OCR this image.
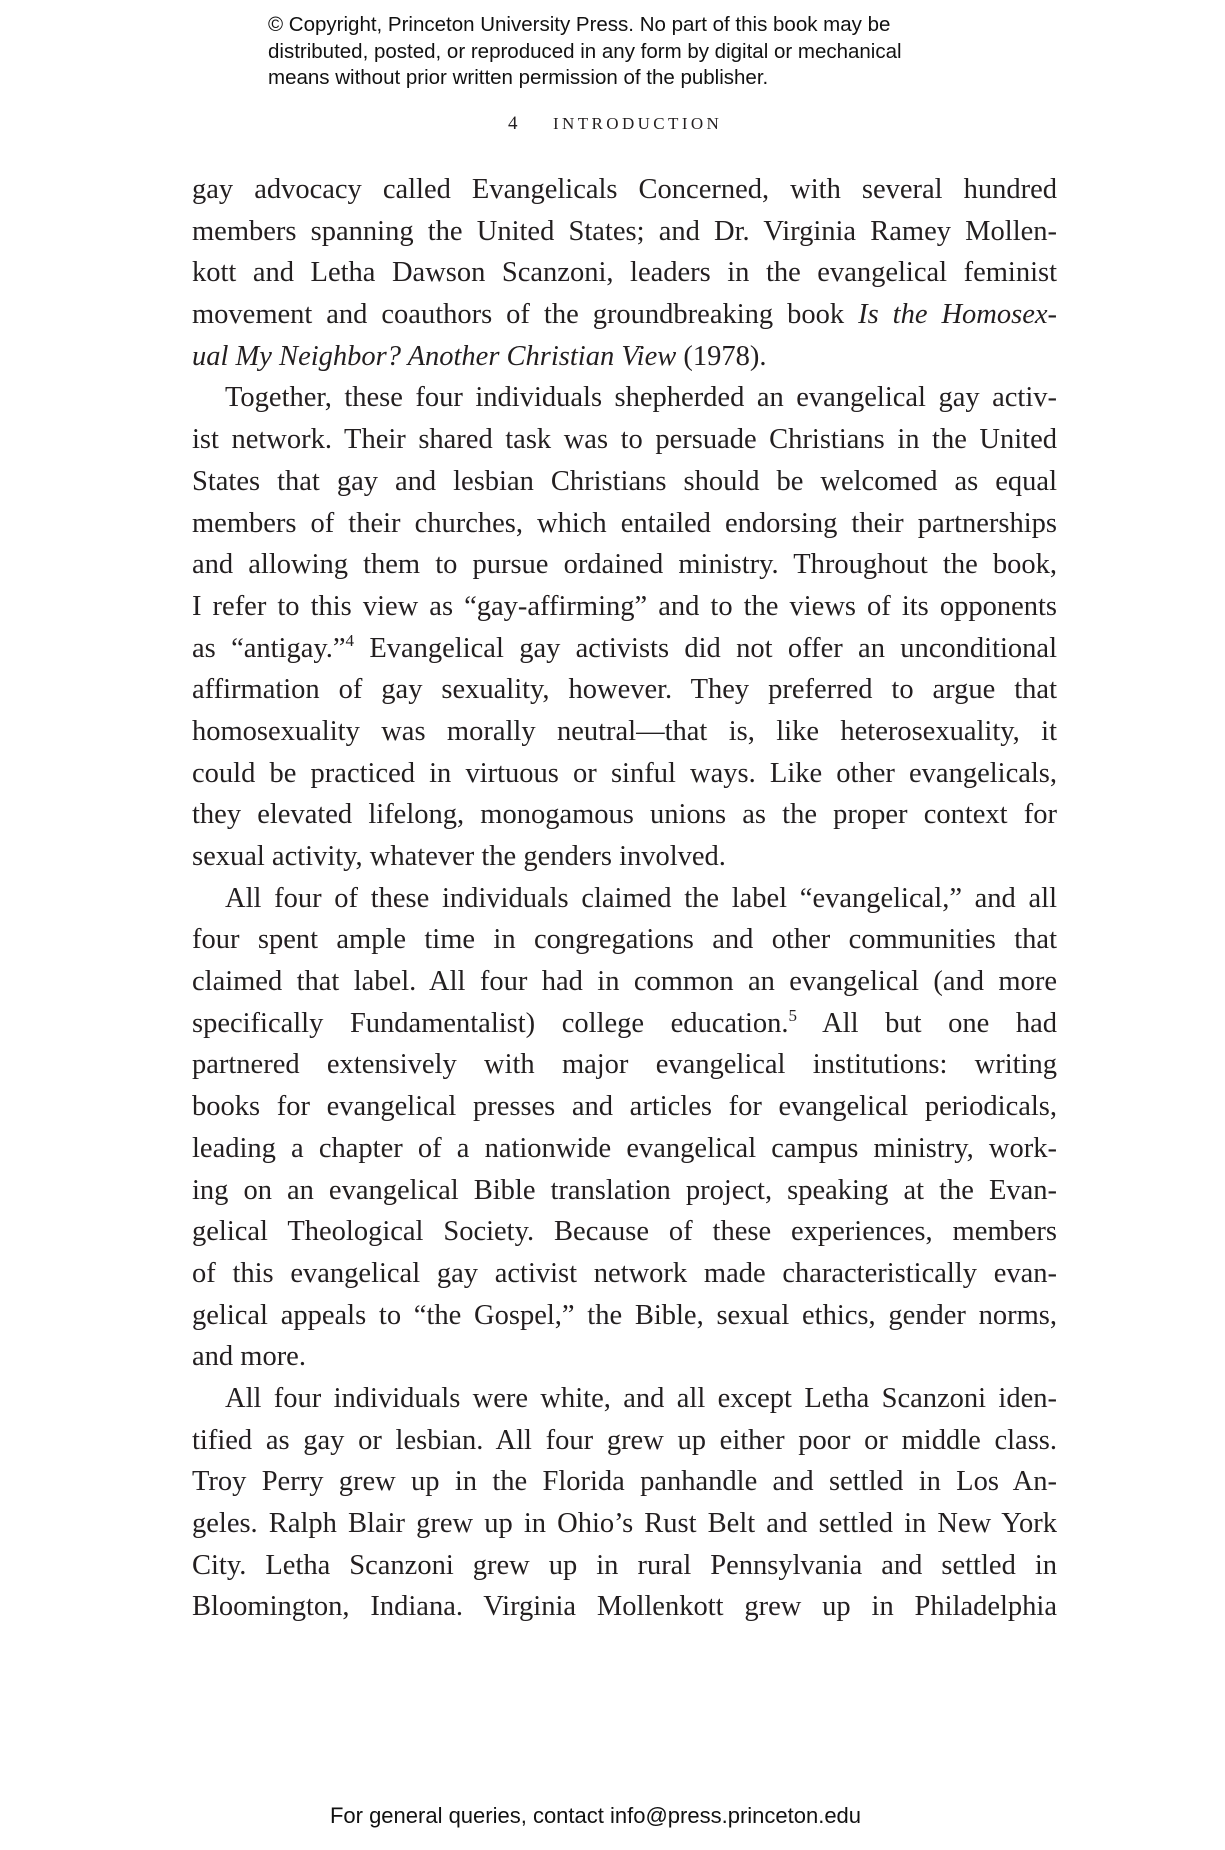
© Copyright, Princeton University Press. No part of this book may be
distributed, posted, or reproduced in any form by digital or mechanical
means without prior written permission of the publisher.
4 INTRODUCTION
gay advocacy called Evangelicals Concerned, with several hundred
members spanning the United States; and Dr. Virginia Ramey Mollen-
kott and Letha Dawson Scanzoni, leaders in the evangelical feminist
movement and coauthors of the groundbreaking book Is the Homosex-
ual My Neighbor? Another Christian View (1978).
Together, these four individuals shepherded an evangelical gay activ-
ist network. Their shared task was to persuade Christians in the United
States that gay and lesbian Christians should be welcomed as equal
members of their churches, which entailed endorsing their partnerships
and allowing them to pursue ordained ministry. Throughout the book,
I refer to this view as “gay-affirming” and to the views of its opponents
as “antigay.”$^4$ Evangelical gay activists did not offer an unconditional
affirmation of gay sexuality, however. They preferred to argue that
homosexuality was morally neutral—that is, like heterosexuality, it
could be practiced in virtuous or sinful ways. Like other evangelicals,
they elevated lifelong, monogamous unions as the proper context for
sexual activity, whatever the genders involved.
All four of these individuals claimed the label “evangelical,” and all
four spent ample time in congregations and other communities that
claimed that label. All four had in common an evangelical (and more
specifically Fundamentalist) college education.$^5$ All but one had
partnered extensively with major evangelical institutions: writing
books for evangelical presses and articles for evangelical periodicals,
leading a chapter of a nationwide evangelical campus ministry, work-
ing on an evangelical Bible translation project, speaking at the Evan-
gelical Theological Society. Because of these experiences, members
of this evangelical gay activist network made characteristically evan-
gelical appeals to “the Gospel,” the Bible, sexual ethics, gender norms,
and more.
All four individuals were white, and all except Letha Scanzoni iden-
tified as gay or lesbian. All four grew up either poor or middle class.
Troy Perry grew up in the Florida panhandle and settled in Los An-
geles. Ralph Blair grew up in Ohio’s Rust Belt and settled in New York
City. Letha Scanzoni grew up in rural Pennsylvania and settled in
Bloomington, Indiana. Virginia Mollenkott grew up in Philadelphia
For general queries, contact info@press.princeton.edu
